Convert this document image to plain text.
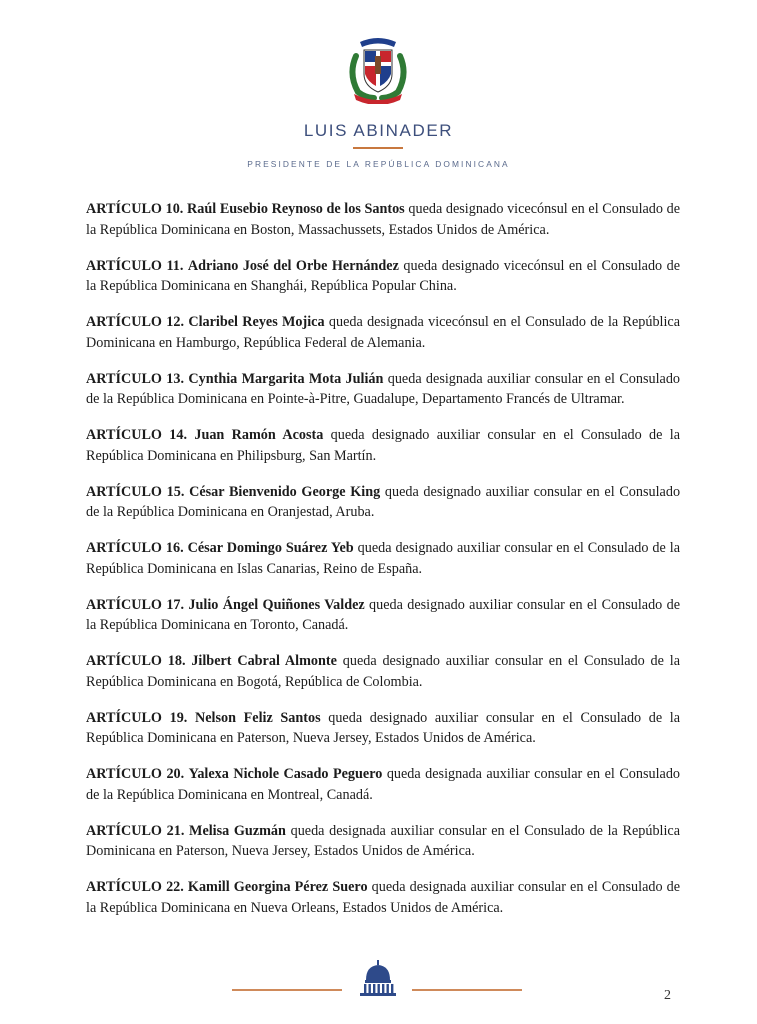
LUIS ABINADER
PRESIDENTE DE LA REPÚBLICA DOMINICANA

ARTÍCULO 10. Raúl Eusebio Reynoso de los Santos queda designado vicecónsul en el Consulado de la República Dominicana en Boston, Massachussets, Estados Unidos de América.

ARTÍCULO 11. Adriano José del Orbe Hernández queda designado vicecónsul en el Consulado de la República Dominicana en Shanghái, República Popular China.

ARTÍCULO 12. Claribel Reyes Mojica queda designada vicecónsul en el Consulado de la República Dominicana en Hamburgo, República Federal de Alemania.

ARTÍCULO 13. Cynthia Margarita Mota Julián queda designada auxiliar consular en el Consulado de la República Dominicana en Pointe-à-Pitre, Guadalupe, Departamento Francés de Ultramar.

ARTÍCULO 14. Juan Ramón Acosta queda designado auxiliar consular en el Consulado de la República Dominicana en Philipsburg, San Martín.

ARTÍCULO 15. César Bienvenido George King queda designado auxiliar consular en el Consulado de la República Dominicana en Oranjestad, Aruba.

ARTÍCULO 16. César Domingo Suárez Yeb queda designado auxiliar consular en el Consulado de la República Dominicana en Islas Canarias, Reino de España.

ARTÍCULO 17. Julio Ángel Quiñones Valdez queda designado auxiliar consular en el Consulado de la República Dominicana en Toronto, Canadá.

ARTÍCULO 18. Jilbert Cabral Almonte queda designado auxiliar consular en el Consulado de la República Dominicana en Bogotá, República de Colombia.

ARTÍCULO 19. Nelson Feliz Santos queda designado auxiliar consular en el Consulado de la República Dominicana en Paterson, Nueva Jersey, Estados Unidos de América.

ARTÍCULO 20. Yalexa Nichole Casado Peguero queda designada auxiliar consular en el Consulado de la República Dominicana en Montreal, Canadá.

ARTÍCULO 21. Melisa Guzmán queda designada auxiliar consular en el Consulado de la República Dominicana en Paterson, Nueva Jersey, Estados Unidos de América.

ARTÍCULO 22. Kamill Georgina Pérez Suero queda designada auxiliar consular en el Consulado de la República Dominicana en Nueva Orleans, Estados Unidos de América.

2
